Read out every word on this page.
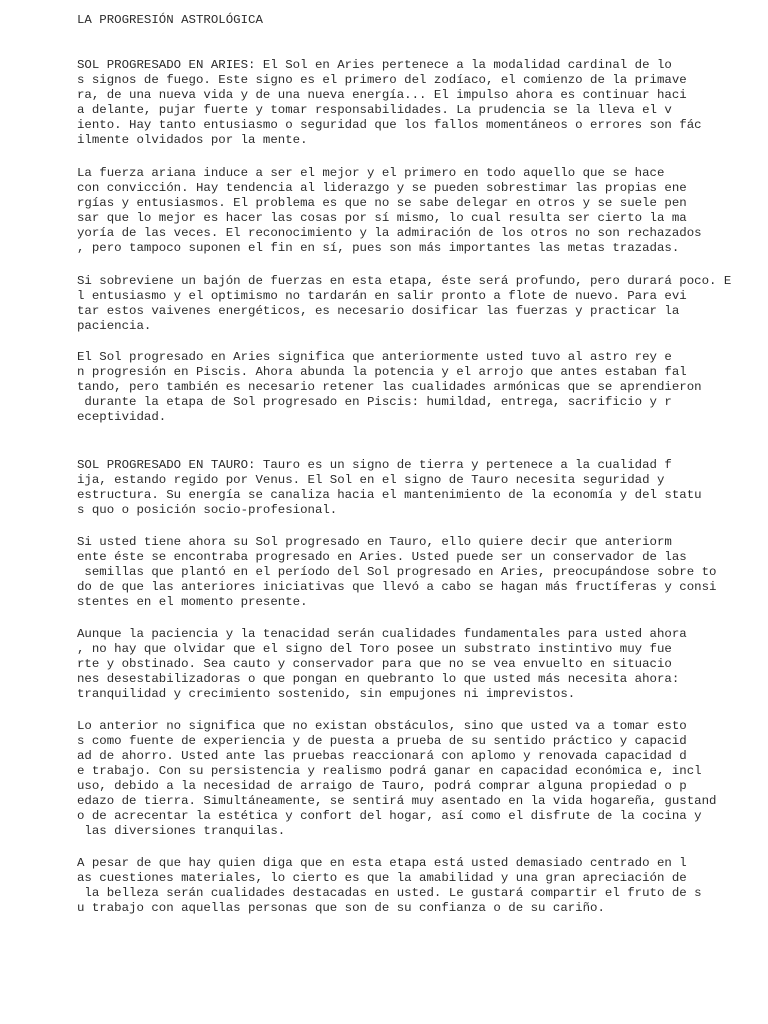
LA PROGRESIÓN ASTROLÓGICA
SOL PROGRESADO EN ARIES: El Sol en Aries pertenece a la modalidad cardinal de lo
s signos de fuego. Este signo es el primero del zodíaco, el comienzo de la primave
ra, de una nueva vida y de una nueva energía... El impulso ahora es continuar haci
a delante, pujar fuerte y tomar responsabilidades. La prudencia se la lleva el v
iento. Hay tanto entusiasmo o seguridad que los fallos momentáneos o errores son fác
ilmente olvidados por la mente.
La fuerza ariana induce a ser el mejor y el primero en todo aquello que se hace
con convicción. Hay tendencia al liderazgo y se pueden sobrestimar las propias ene
rgías y entusiasmos. El problema es que no se sabe delegar en otros y se suele pen
sar que lo mejor es hacer las cosas por sí mismo, lo cual resulta ser cierto la ma
yoría de las veces. El reconocimiento y la admiración de los otros no son rechazados
, pero tampoco suponen el fin en sí, pues son más importantes las metas trazadas.
Si sobreviene un bajón de fuerzas en esta etapa, éste será profundo, pero durará poco. E
l entusiasmo y el optimismo no tardarán en salir pronto a flote de nuevo. Para evi
tar estos vaivenes energéticos, es necesario dosificar las fuerzas y practicar la
paciencia.
El Sol progresado en Aries significa que anteriormente usted tuvo al astro rey e
n progresión en Piscis. Ahora abunda la potencia y el arrojo que antes estaban fal
tando, pero también es necesario retener las cualidades armónicas que se aprendieron
durante la etapa de Sol progresado en Piscis: humildad, entrega, sacrificio y r
eceptividad.
SOL PROGRESADO EN TAURO: Tauro es un signo de tierra y pertenece a la cualidad f
ija, estando regido por Venus. El Sol en el signo de Tauro necesita seguridad y
estructura. Su energía se canaliza hacia el mantenimiento de la economía y del statu
s quo o posición socio-profesional.
Si usted tiene ahora su Sol progresado en Tauro, ello quiere decir que anteriorm
ente éste se encontraba progresado en Aries. Usted puede ser un conservador de las
semillas que plantó en el período del Sol progresado en Aries, preocupándose sobre to
do de que las anteriores iniciativas que llevó a cabo se hagan más fructíferas y consi
stentes en el momento presente.
Aunque la paciencia y la tenacidad serán cualidades fundamentales para usted ahora
, no hay que olvidar que el signo del Toro posee un substrato instintivo muy fue
rte y obstinado. Sea cauto y conservador para que no se vea envuelto en situacio
nes desestabilizadoras o que pongan en quebranto lo que usted más necesita ahora:
tranquilidad y crecimiento sostenido, sin empujones ni imprevistos.
Lo anterior no significa que no existan obstáculos, sino que usted va a tomar esto
s como fuente de experiencia y de puesta a prueba de su sentido práctico y capacid
ad de ahorro. Usted ante las pruebas reaccionará con aplomo y renovada capacidad d
e trabajo. Con su persistencia y realismo podrá ganar en capacidad económica e, incl
uso, debido a la necesidad de arraigo de Tauro, podrá comprar alguna propiedad o p
edazo de tierra. Simultáneamente, se sentirá muy asentado en la vida hogareña, gustand
o de acrecentar la estética y confort del hogar, así como el disfrute de la cocina y
las diversiones tranquilas.
A pesar de que hay quien diga que en esta etapa está usted demasiado centrado en l
as cuestiones materiales, lo cierto es que la amabilidad y una gran apreciación de
la belleza serán cualidades destacadas en usted. Le gustará compartir el fruto de s
u trabajo con aquellas personas que son de su confianza o de su cariño.
